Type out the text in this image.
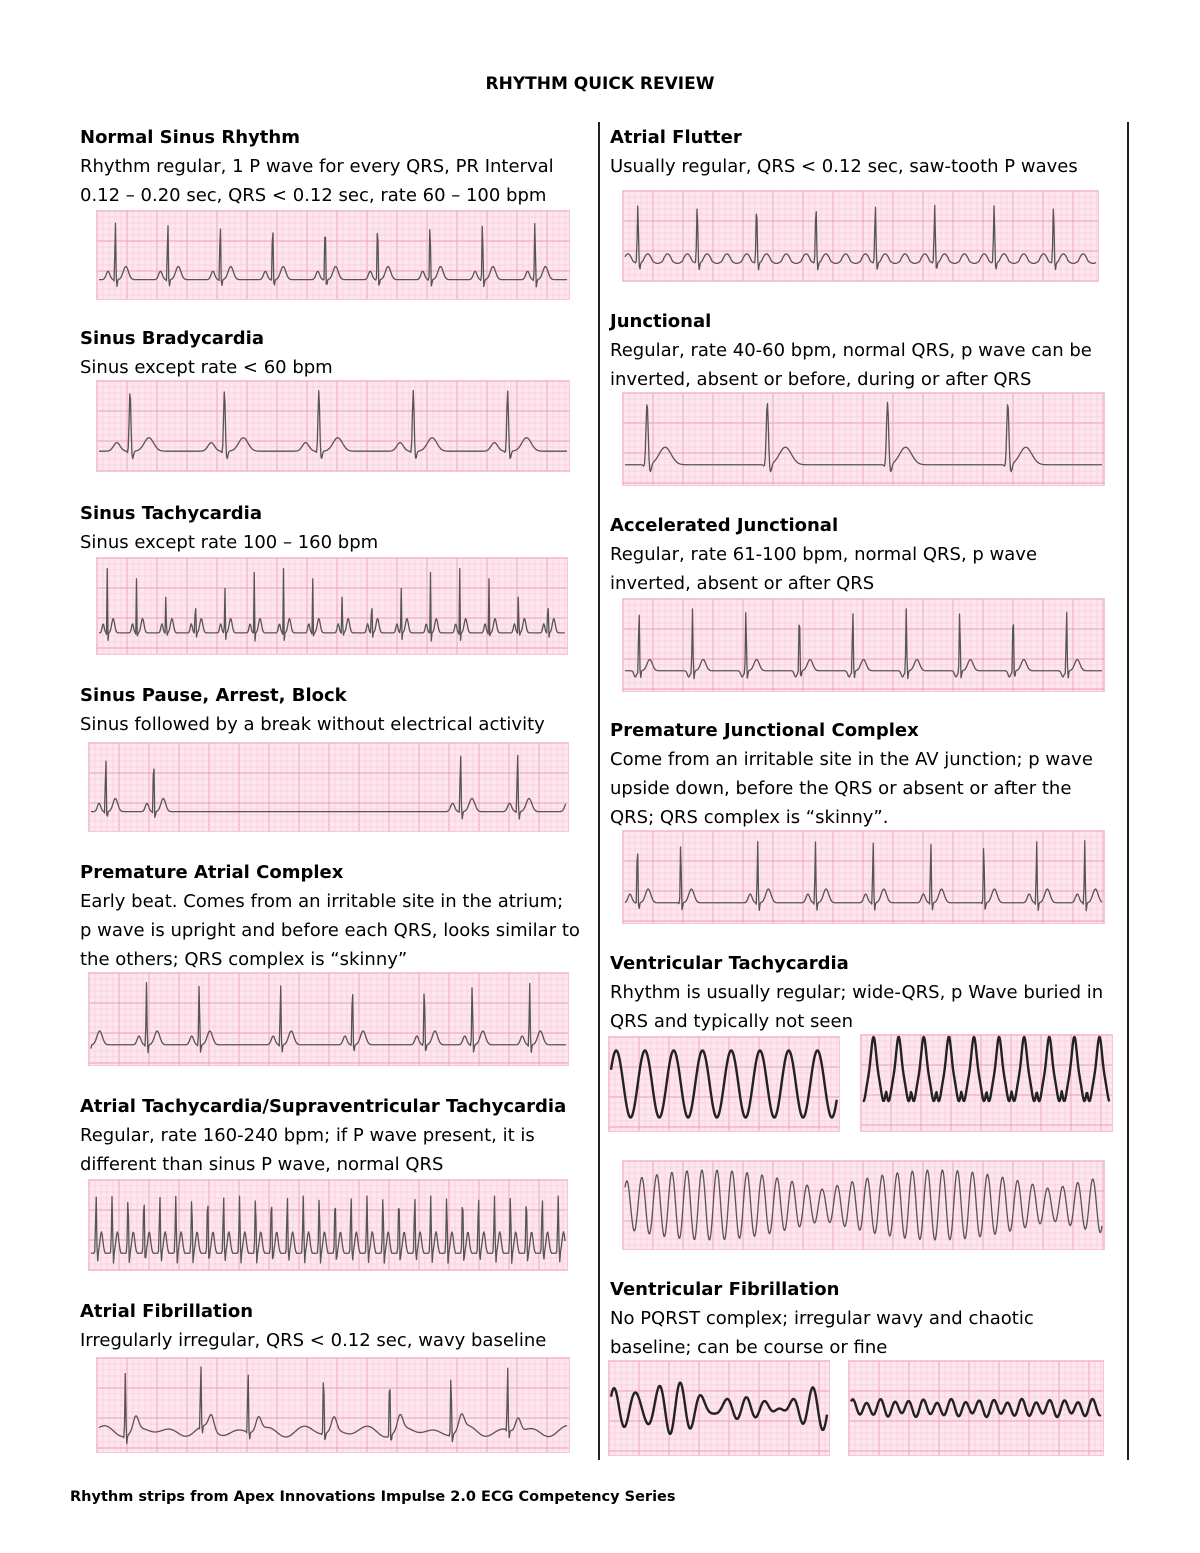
RHYTHM QUICK REVIEW
Normal Sinus Rhythm
Rhythm regular, 1 P wave for every QRS, PR Interval 0.12 – 0.20 sec, QRS < 0.12 sec, rate 60 – 100 bpm
Sinus Bradycardia
Sinus except rate < 60 bpm
Sinus Tachycardia
Sinus except rate 100 – 160 bpm
Sinus Pause, Arrest, Block
Sinus followed by a break without electrical activity
Premature Atrial Complex
Early beat. Comes from an irritable site in the atrium; p wave is upright and before each QRS, looks similar to the others; QRS complex is “skinny”
Atrial Tachycardia/Supraventricular Tachycardia
Regular, rate 160-240 bpm; if P wave present, it is different than sinus P wave, normal QRS
Atrial Fibrillation
Irregularly irregular, QRS < 0.12 sec, wavy baseline
Atrial Flutter
Usually regular, QRS < 0.12 sec, saw-tooth P waves
Junctional
Regular, rate 40-60 bpm, normal QRS, p wave can be inverted, absent or before, during or after QRS
Accelerated Junctional
Regular, rate 61-100 bpm, normal QRS, p wave inverted, absent or after QRS
Premature Junctional Complex
Come from an irritable site in the AV junction; p wave upside down, before the QRS or absent or after the QRS; QRS complex is “skinny”.
Ventricular Tachycardia
Rhythm is usually regular; wide-QRS, p Wave buried in QRS and typically not seen
Ventricular Fibrillation
No PQRST complex; irregular wavy and chaotic baseline; can be course or fine
Rhythm strips from Apex Innovations Impulse 2.0 ECG Competency Series
